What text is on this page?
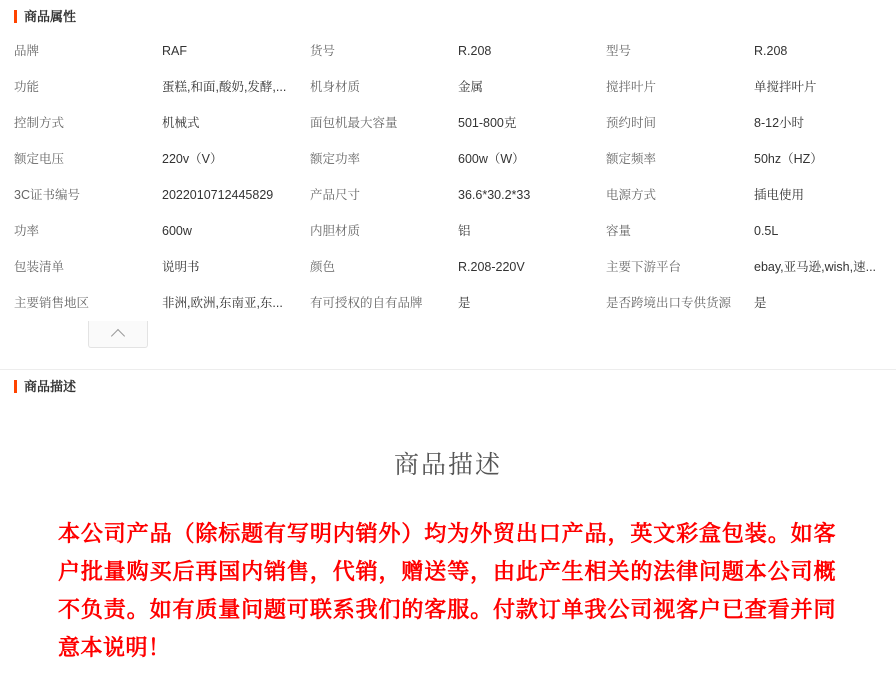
商品属性
品牌	RAF	货号	R.208	型号	R.208
功能	蛋糕,和面,酸奶,发酵,...	机身材质	金属	搅拌叶片	单搅拌叶片
控制方式	机械式	面包机最大容量	501-800克	预约时间	8-12小时
额定电压	220v（V）	额定功率	600w（W）	额定频率	50hz（HZ）
3C证书编号	2022010712445829	产品尺寸	36.6*30.2*33	电源方式	插电使用
功率	600w	内胆材质	铝	容量	0.5L
包装清单	说明书	颜色	R.208-220V	主要下游平台	ebay,亚马逊,wish,速...
主要销售地区	非洲,欧洲,东南亚,东...	有可授权的自有品牌	是	是否跨境出口专供货源	是
商品描述
商品描述
本公司产品（除标题有写明内销外）均为外贸出口产品，英文彩盒包装。如客户批量购买后再国内销售，代销，赠送等，由此产生相关的法律问题本公司概不负责。如有质量问题可联系我们的客服。付款订单我公司视客户已查看并同意本说明！
